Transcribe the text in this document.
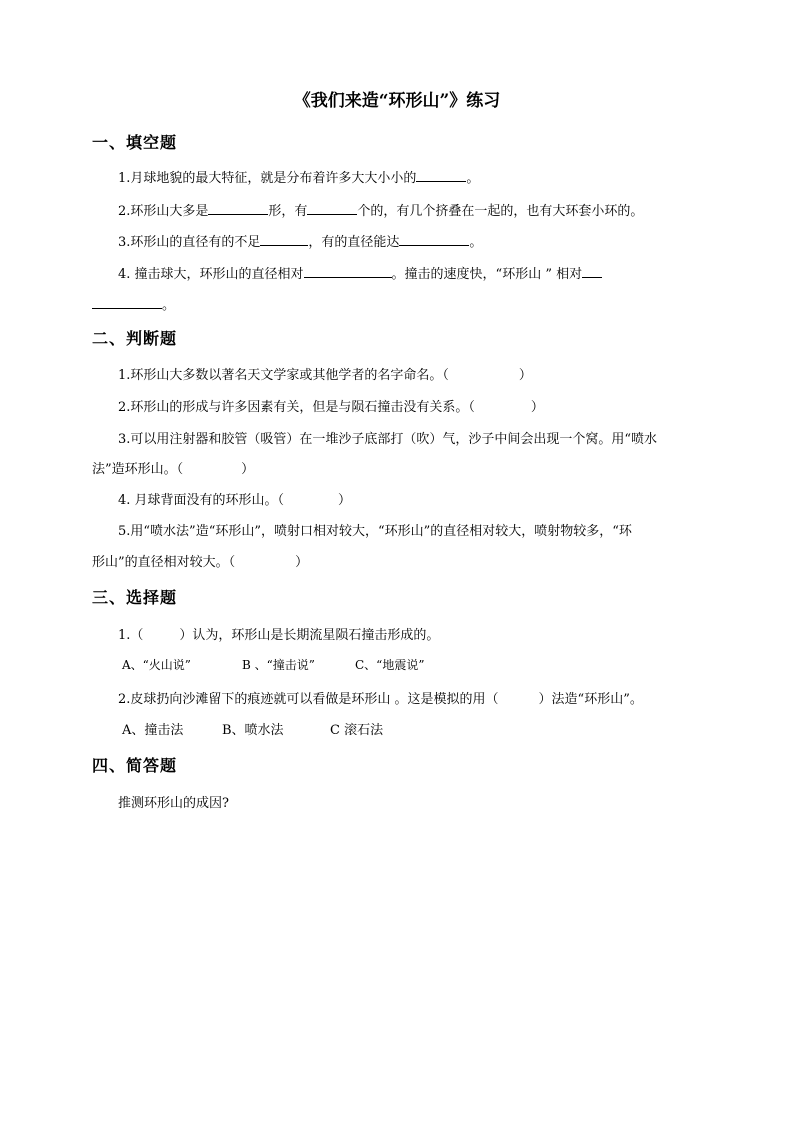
《我们来造“环形山”》练习
一、填空题
1.月球地貌的最大特征，就是分布着许多大大小小的	。
2.环形山大多是	形，有	个的，有几个挤叠在一起的，也有大环套小环的。
3.环形山的直径有的不足	，有的直径能达	。
4. 撞击球大，环形山的直径相对	。撞击的速度快，“环形山 ” 相对
。
二、判断题
1.环形山大多数以著名天文学家或其他学者的名字命名。（	）
2.环形山的形成与许多因素有关，但是与陨石撞击没有关系。（	）
3.可以用注射器和胶管（吸管）在一堆沙子底部打（吹）气，沙子中间会出现一个窝。用“喷水
法”造环形山。（	）
4. 月球背面没有的环形山。（	）
5.用“喷水法”造“环形山”，喷射口相对较大，“环形山”的直径相对较大，喷射物较多，“环
形山”的直径相对较大。（	）
三、选择题
1.（	）认为，环形山是长期流星陨石撞击形成的。
A、“火山说”	B 、“撞击说”	C、“地震说”
2.皮球扔向沙滩留下的痕迹就可以看做是环形山 。这是模拟的用（	）法造“环形山”。
A、撞击法	B、喷水法	C 滚石法
四、简答题
推测环形山的成因?
